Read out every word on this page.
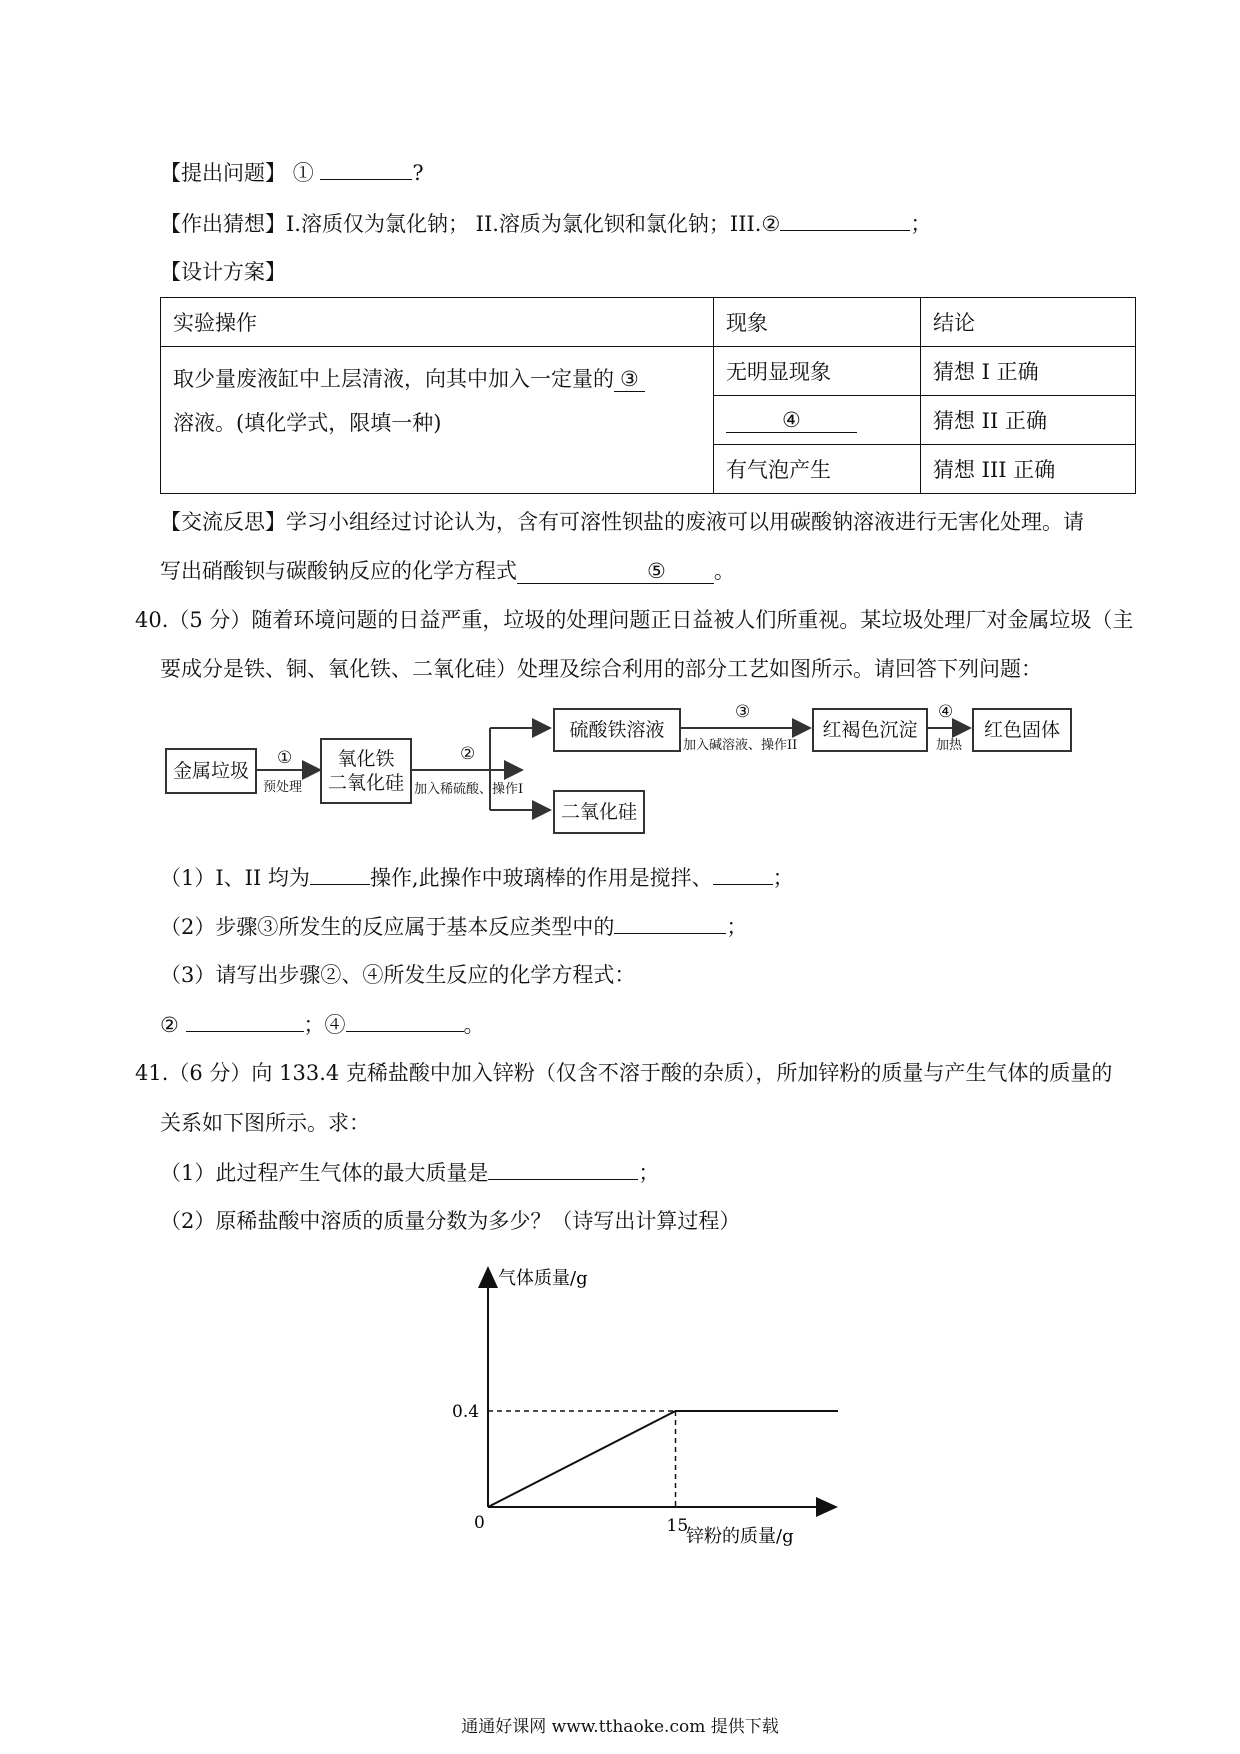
【提出问题】 ①	?
【作出猜想】I.溶质仅为氯化钠； II.溶质为氯化钡和氯化钠；III.②	；
【设计方案】
实验操作	现象	结论

取少量废液缸中上层清液，向其中加入一定量的 ③
溶液。(填化学式，限填一种)	无明显现象	猜想 I 正确
	④	猜想 II 正确
	有气泡产生	猜想 III 正确
【交流反思】学习小组经过讨论认为，含有可溶性钡盐的废液可以用碳酸钠溶液进行无害化处理。请
写出硝酸钡与碳酸钠反应的化学方程式	⑤ 。
40.（5 分）随着环境问题的日益严重，垃圾的处理问题正日益被人们所重视。某垃圾处理厂对金属垃圾（主
要成分是铁、铜、氧化铁、二氧化硅）处理及综合利用的部分工艺如图所示。请回答下列问题：
金属垃圾
氧化铁
二氧化硅
硫酸铁溶液
二氧化硅
红褐色沉淀	红色固体
①
预处理
②
加入稀硫酸、操作I
③
加入碱溶液、操作II
④
加热
（1）I、II 均为	操作,此操作中玻璃棒的作用是搅拌、	；
（2）步骤③所发生的反应属于基本反应类型中的	；
（3）请写出步骤②、④所发生反应的化学方程式：
②	；④	。
41.（6 分）向 133.4 克稀盐酸中加入锌粉（仅含不溶于酸的杂质），所加锌粉的质量与产生气体的质量的
关系如下图所示。求：
（1）此过程产生气体的最大质量是	；
（2）原稀盐酸中溶质的质量分数为多少？（诗写出计算过程）
15
0.4
气体质量/g
锌粉的质量/g
0
通通好课网 www.tthaoke.com 提供下载
